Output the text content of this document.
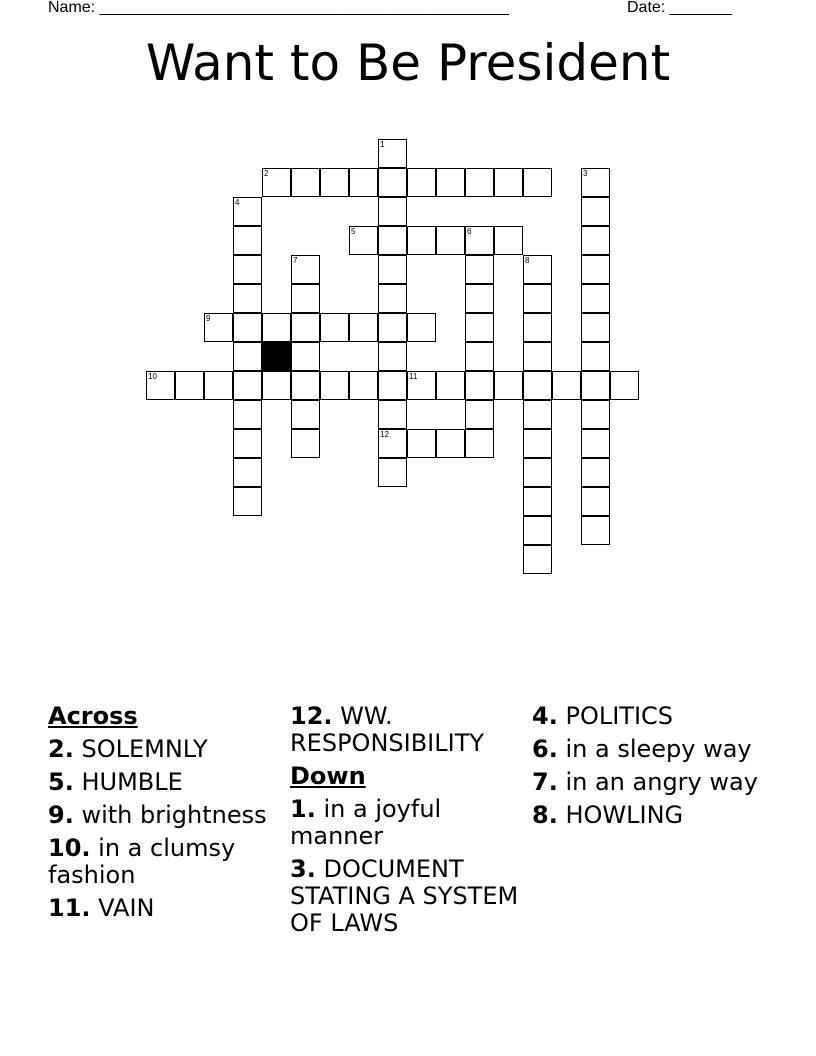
Name: ______________________________________________	Date: _______
Want to Be President
1
2	3
4
5	6
7	8
9
10	11
12
Across
2. SOLEMNLY
5. HUMBLE
9. with brightness
10. in a clumsy fashion
11. VAIN
12. WW. RESPONSIBILITY
Down
1. in a joyful manner
3. DOCUMENT STATING A SYSTEM OF LAWS
4. POLITICS
6. in a sleepy way
7. in an angry way
8. HOWLING
